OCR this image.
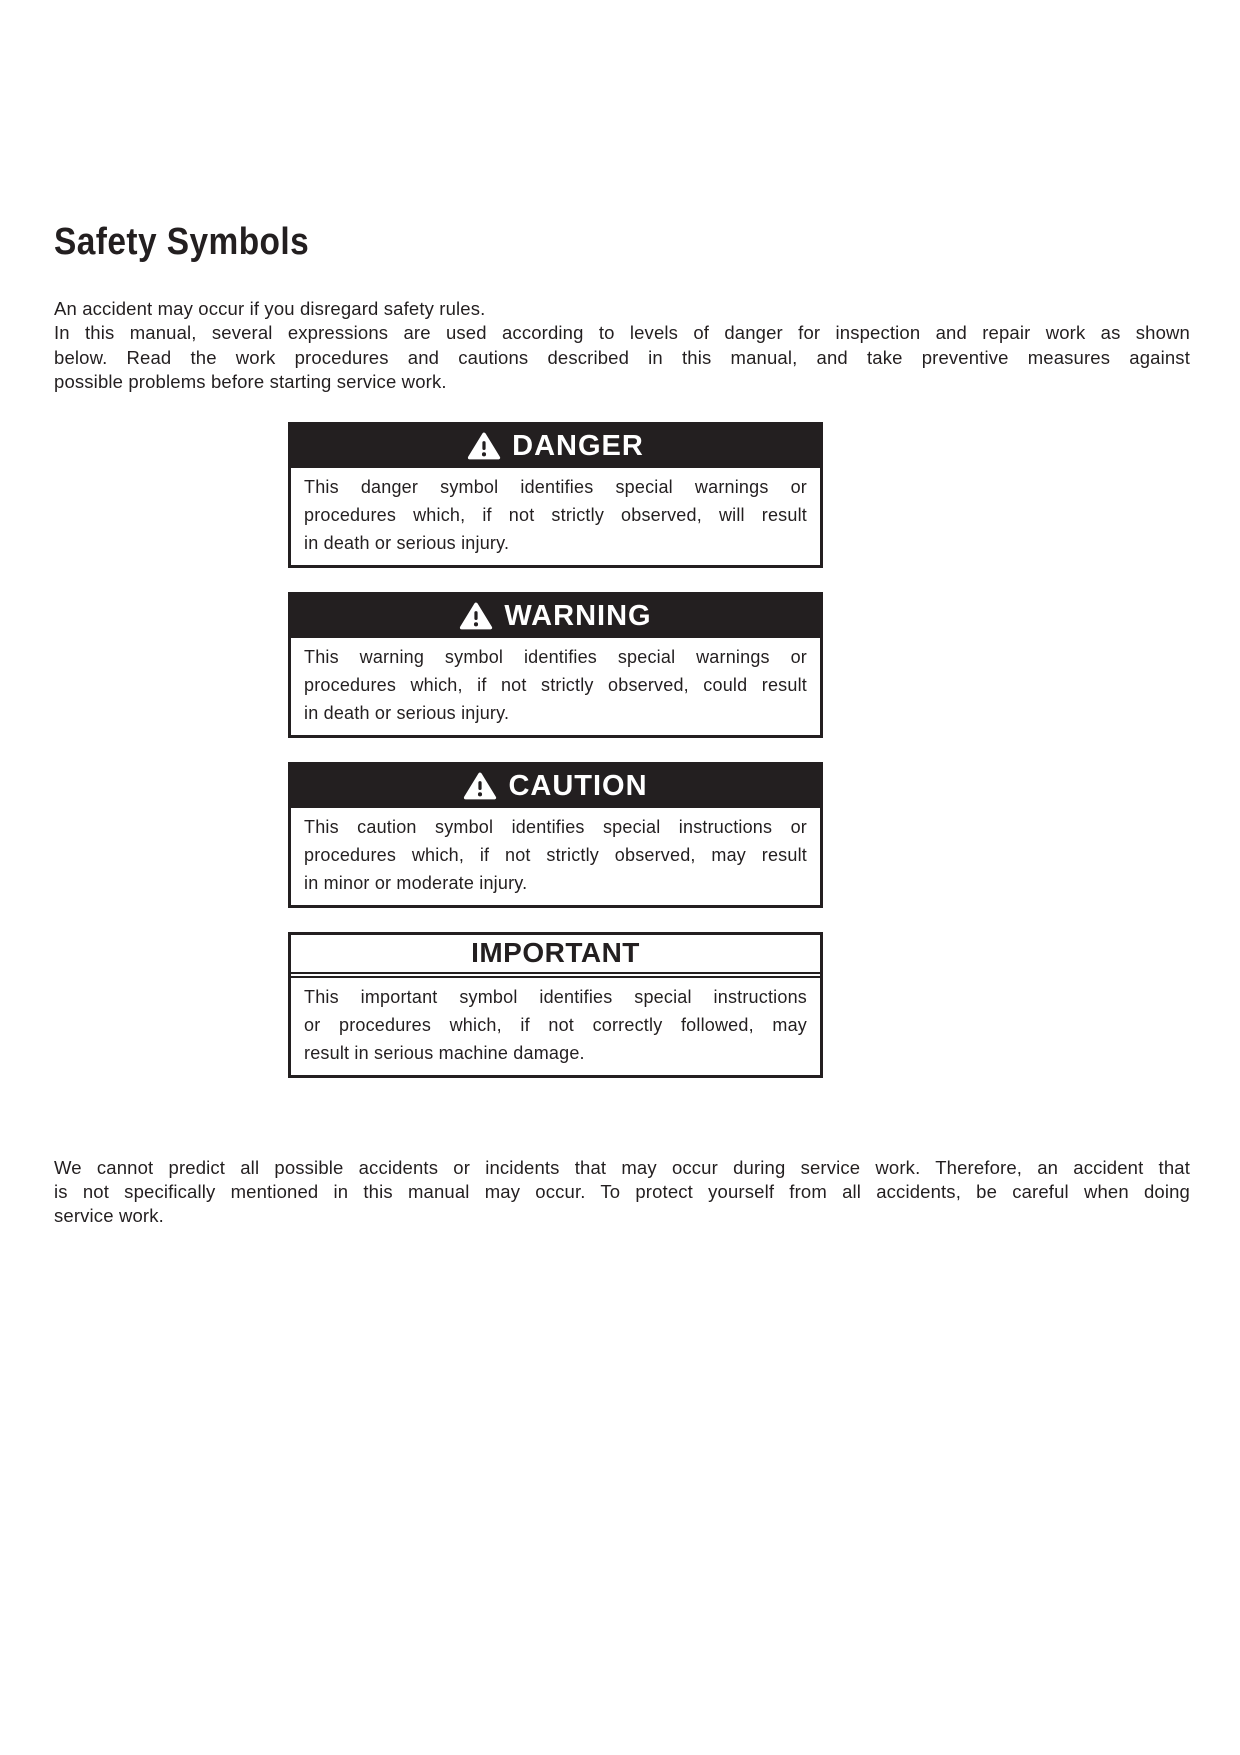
Safety Symbols
An accident may occur if you disregard safety rules.
In this manual, several expressions are used according to levels of danger for inspection and repair work as shown
below. Read the work procedures and cautions described in this manual, and take preventive measures against
possible problems before starting service work.
DANGER
This danger symbol identifies special warnings or
procedures which, if not strictly observed, will result
in death or serious injury.
WARNING
This warning symbol identifies special warnings or
procedures which, if not strictly observed, could result
in death or serious injury.
CAUTION
This caution symbol identifies special instructions or
procedures which, if not strictly observed, may result
in minor or moderate injury.
IMPORTANT
This important symbol identifies special instructions
or procedures which, if not correctly followed, may
result in serious machine damage.
We cannot predict all possible accidents or incidents that may occur during service work. Therefore, an accident that
is not specifically mentioned in this manual may occur. To protect yourself from all accidents, be careful when doing
service work.
